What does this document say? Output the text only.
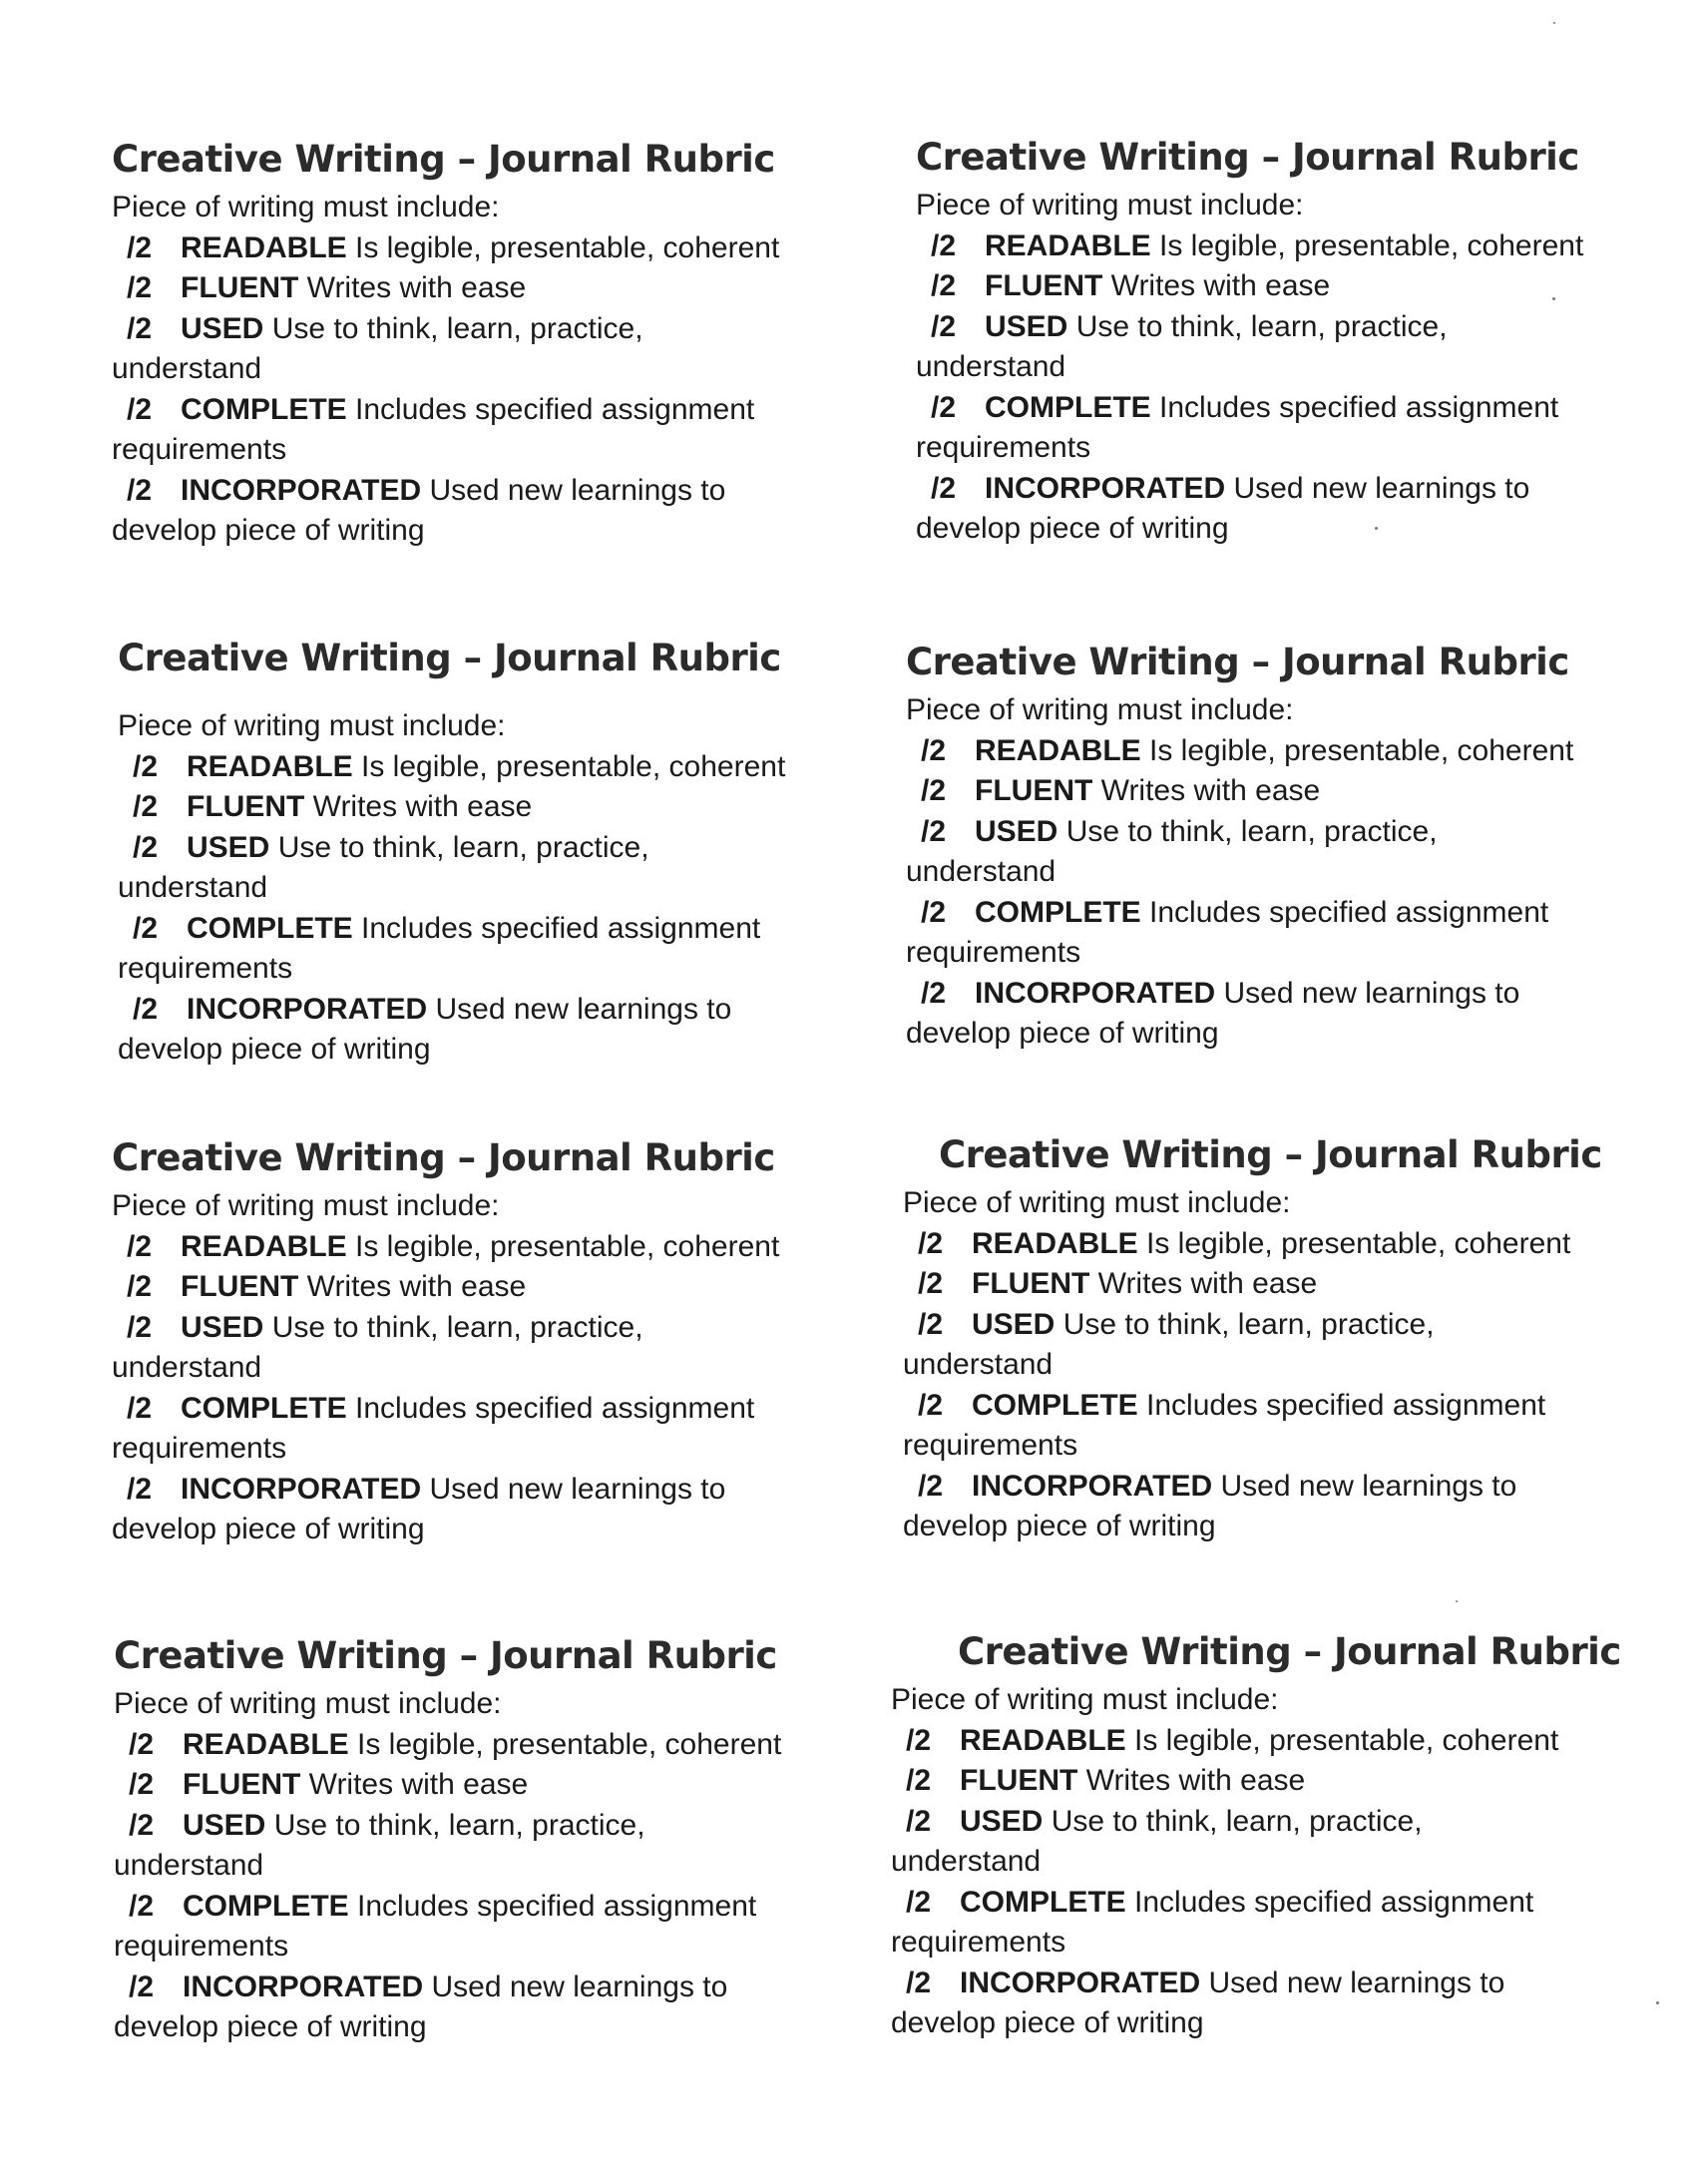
Creative Writing – Journal Rubric
Piece of writing must include:
/2 READABLE Is legible, presentable, coherent
/2 FLUENT Writes with ease
/2 USED Use to think, learn, practice,
understand
/2 COMPLETE Includes specified assignment
requirements
/2 INCORPORATED Used new learnings to
develop piece of writing
Creative Writing – Journal Rubric
Piece of writing must include:
/2 READABLE Is legible, presentable, coherent
/2 FLUENT Writes with ease
/2 USED Use to think, learn, practice,
understand
/2 COMPLETE Includes specified assignment
requirements
/2 INCORPORATED Used new learnings to
develop piece of writing
Creative Writing – Journal Rubric
Piece of writing must include:
/2 READABLE Is legible, presentable, coherent
/2 FLUENT Writes with ease
/2 USED Use to think, learn, practice,
understand
/2 COMPLETE Includes specified assignment
requirements
/2 INCORPORATED Used new learnings to
develop piece of writing
Creative Writing – Journal Rubric
Piece of writing must include:
/2 READABLE Is legible, presentable, coherent
/2 FLUENT Writes with ease
/2 USED Use to think, learn, practice,
understand
/2 COMPLETE Includes specified assignment
requirements
/2 INCORPORATED Used new learnings to
develop piece of writing
Creative Writing – Journal Rubric
Piece of writing must include:
/2 READABLE Is legible, presentable, coherent
/2 FLUENT Writes with ease
/2 USED Use to think, learn, practice,
understand
/2 COMPLETE Includes specified assignment
requirements
/2 INCORPORATED Used new learnings to
develop piece of writing
Creative Writing – Journal Rubric
Piece of writing must include:
/2 READABLE Is legible, presentable, coherent
/2 FLUENT Writes with ease
/2 USED Use to think, learn, practice,
understand
/2 COMPLETE Includes specified assignment
requirements
/2 INCORPORATED Used new learnings to
develop piece of writing
Creative Writing – Journal Rubric
Piece of writing must include:
/2 READABLE Is legible, presentable, coherent
/2 FLUENT Writes with ease
/2 USED Use to think, learn, practice,
understand
/2 COMPLETE Includes specified assignment
requirements
/2 INCORPORATED Used new learnings to
develop piece of writing
Creative Writing – Journal Rubric
Piece of writing must include:
/2 READABLE Is legible, presentable, coherent
/2 FLUENT Writes with ease
/2 USED Use to think, learn, practice,
understand
/2 COMPLETE Includes specified assignment
requirements
/2 INCORPORATED Used new learnings to
develop piece of writing
